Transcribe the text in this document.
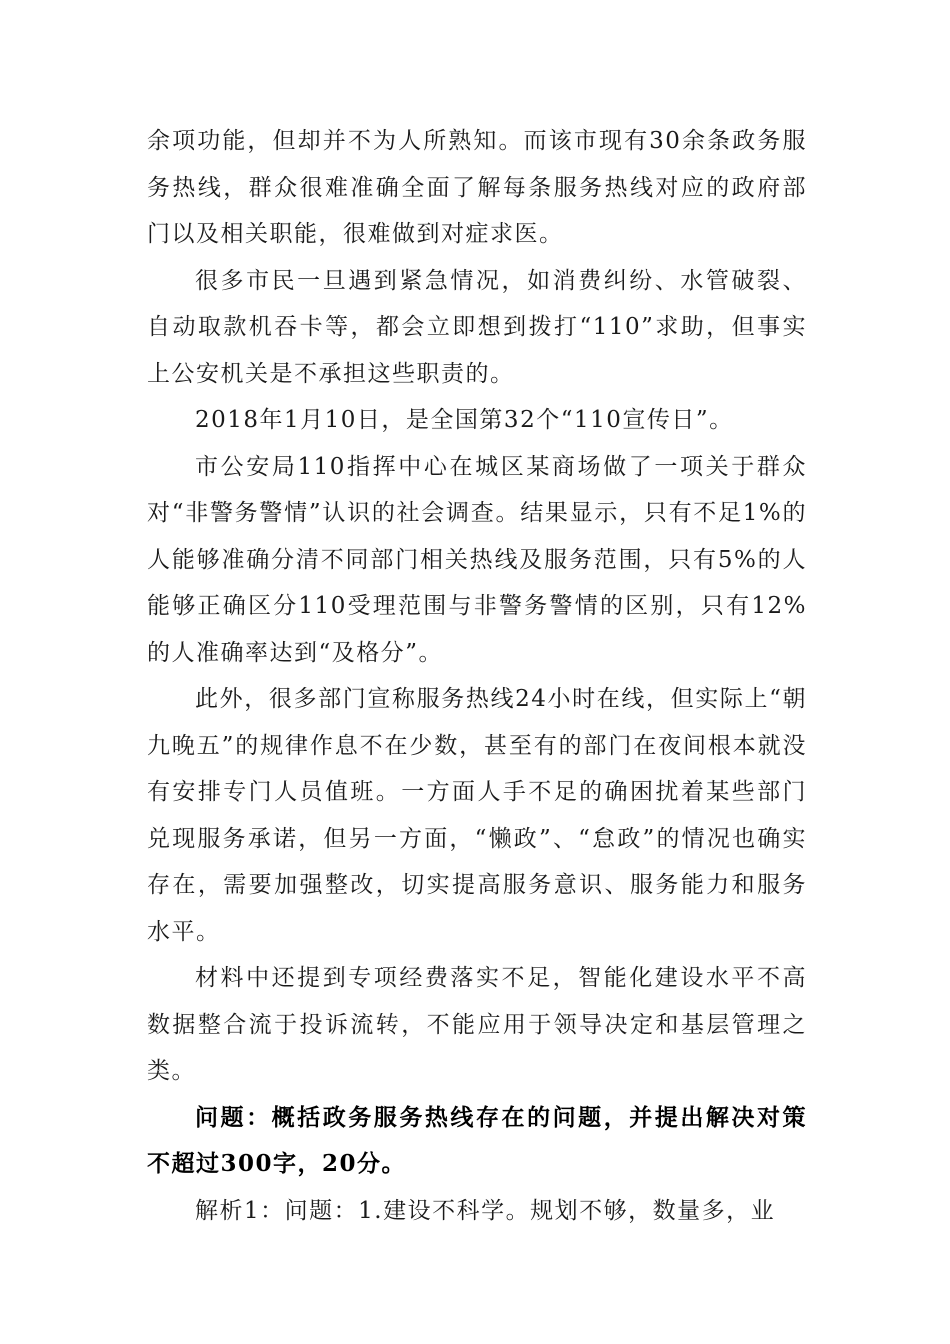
余项功能，但却并不为人所熟知。而该市现有30余条政务服务热线，群众很难准确全面了解每条服务热线对应的政府部门以及相关职能，很难做到对症求医。

很多市民一旦遇到紧急情况，如消费纠纷、水管破裂、自动取款机吞卡等，都会立即想到拨打“110”求助，但事实上公安机关是不承担这些职责的。

2018年1月10日，是全国第32个“110宣传日”。

市公安局110指挥中心在城区某商场做了一项关于群众对“非警务警情”认识的社会调查。结果显示，只有不足1%的人能够准确分清不同部门相关热线及服务范围，只有5%的人能够正确区分110受理范围与非警务警情的区别，只有12%的人准确率达到“及格分”。

此外，很多部门宣称服务热线24小时在线，但实际上“朝九晚五”的规律作息不在少数，甚至有的部门在夜间根本就没有安排专门人员值班。一方面人手不足的确困扰着某些部门兑现服务承诺，但另一方面，“懒政”、“怠政”的情况也确实存在，需要加强整改，切实提高服务意识、服务能力和服务水平。

材料中还提到专项经费落实不足，智能化建设水平不高数据整合流于投诉流转，不能应用于领导决定和基层管理之类。

问题：概括政务服务热线存在的问题，并提出解决对策不超过300字，20分。

解析1：问题：1.建设不科学。规划不够，数量多，业
